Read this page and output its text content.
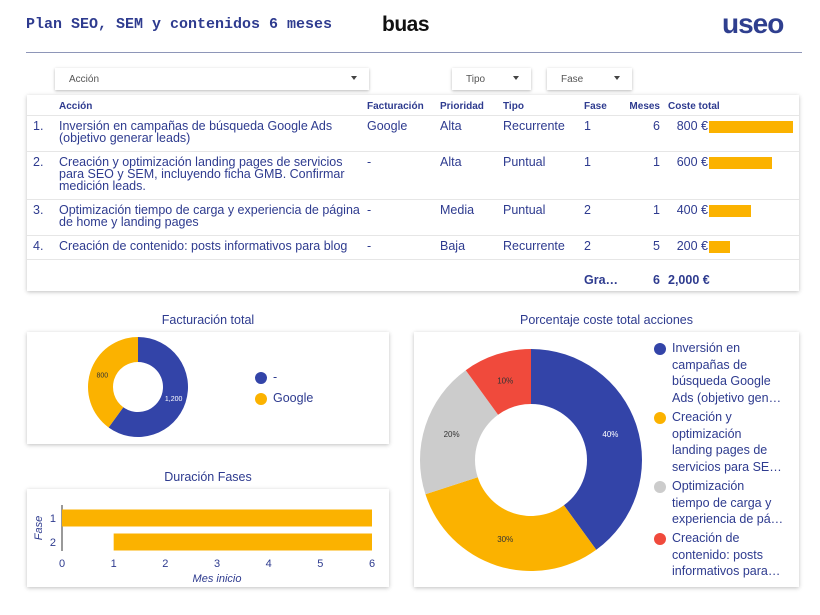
Plan SEO, SEM y contenidos 6 meses buas	useo
Acción	Tipo	Fase
	Acción	Facturación	Prioridad	Tipo	Fase	Meses	Coste total
1.	Inversión en campañas de búsqueda Google Ads (objetivo generar leads)	Google	Alta	Recurrente	1	6	800 €

2.	Creación y optimización landing pages de servicios para SEO y SEM, incluyendo ficha GMB. Confirmar medición leads.	-	Alta	Puntual	1	1	600 €

3.	Optimización tiempo de carga y experiencia de página de home y landing pages	-	Media	Puntual	2	1	400 €

4.	Creación de contenido: posts informativos para blog	-	Baja	Recurrente	2	5	200 €

					Gra…	6	2,000 €
Facturación total
1,200
800	-
Google
Duración Fases
1
2
0	1	2	3	4	5	6
Mes inicio
Fase
Porcentaje coste total acciones
40%
30%
20%
10%
Inversión en campañas de búsqueda Google Ads (objetivo gen…
Creación y optimización landing pages de servicios para SE…
Optimización tiempo de carga y experiencia de pá…
Creación de contenido: posts informativos para…
